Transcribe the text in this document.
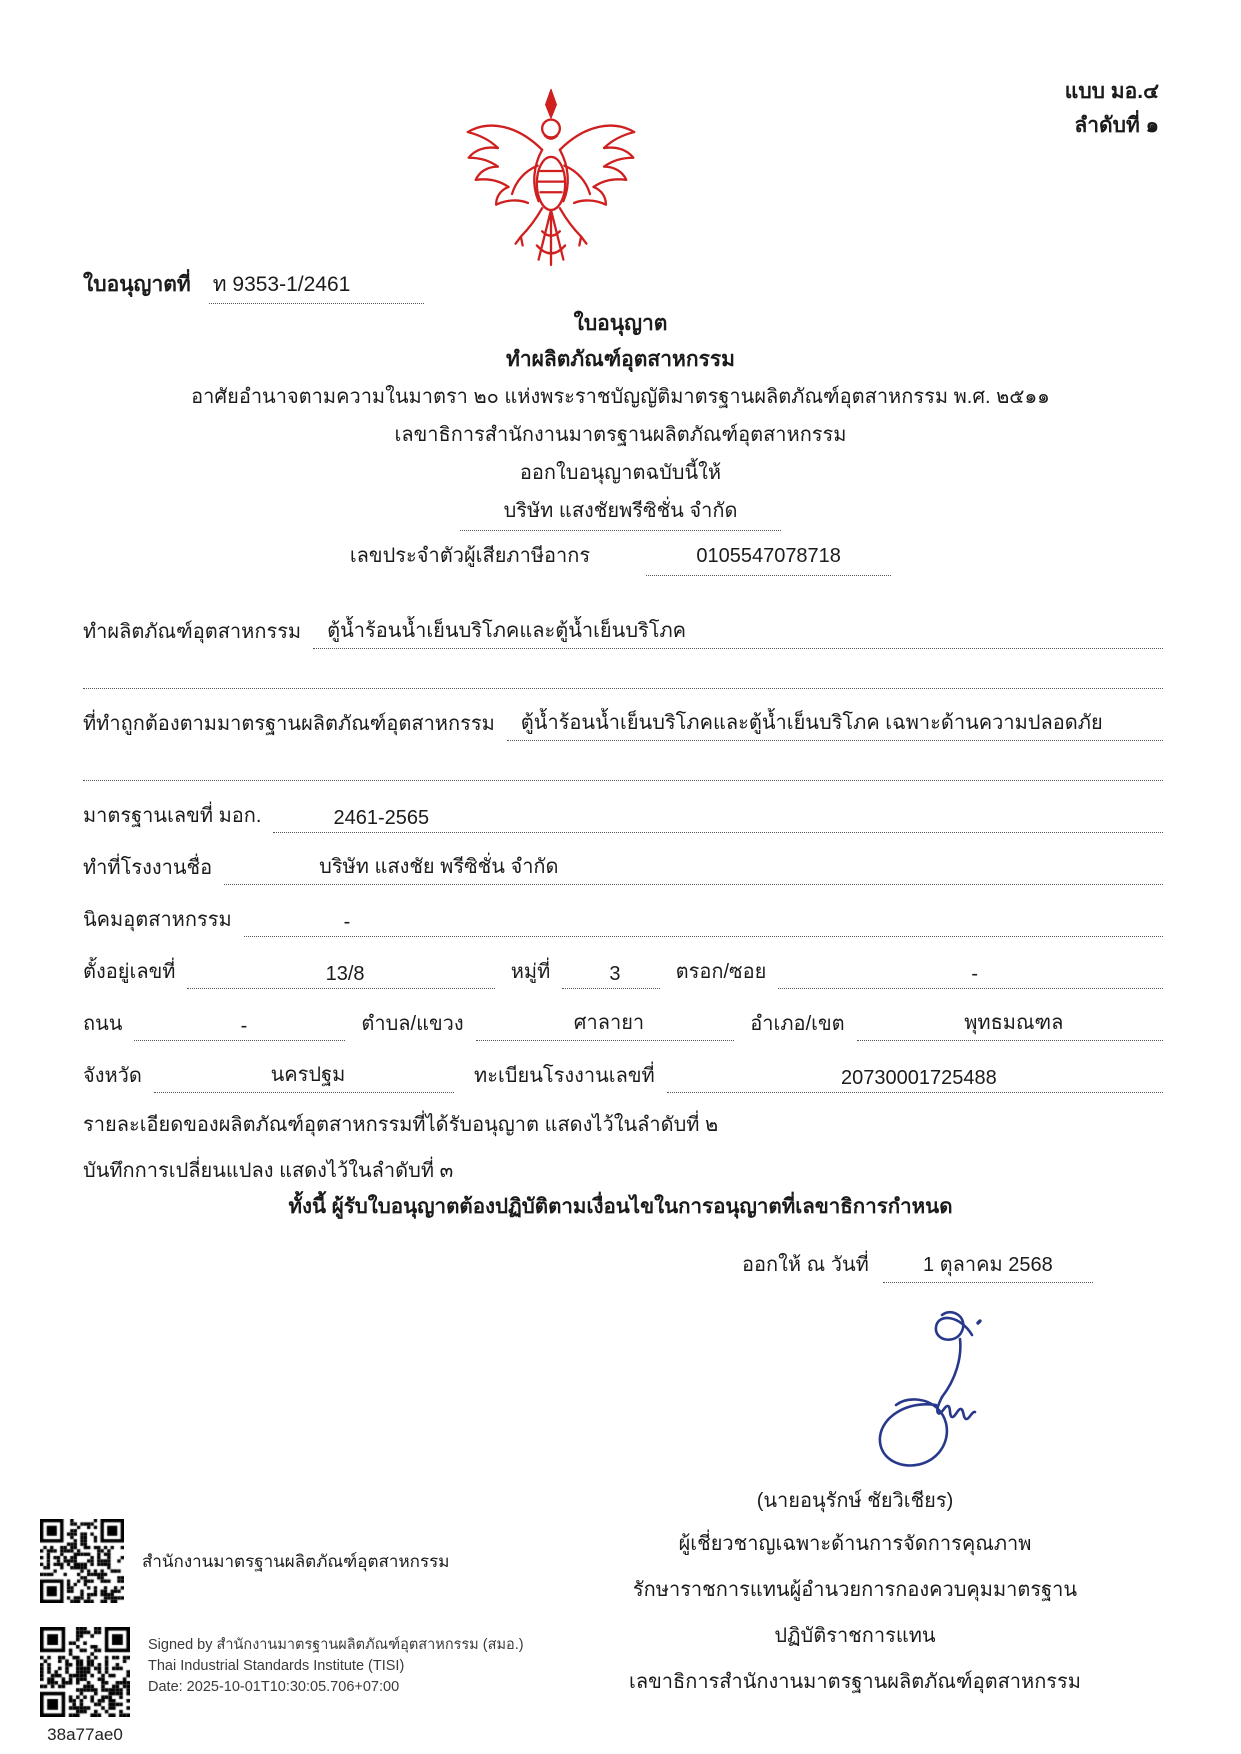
แบบ มอ.๔
ลำดับที่ ๑
ใบอนุญาตที่ ท 9353-1/2461
ใบอนุญาต
ทำผลิตภัณฑ์อุตสาหกรรม
อาศัยอำนาจตามความในมาตรา ๒๐ แห่งพระราชบัญญัติมาตรฐานผลิตภัณฑ์อุตสาหกรรม พ.ศ. ๒๕๑๑
เลขาธิการสำนักงานมาตรฐานผลิตภัณฑ์อุตสาหกรรม
ออกใบอนุญาตฉบับนี้ให้
บริษัท แสงชัยพรีซิชั่น จำกัด
เลขประจำตัวผู้เสียภาษีอากร	0105547078718
ทำผลิตภัณฑ์อุตสาหกรรม	ตู้น้ำร้อนน้ำเย็นบริโภคและตู้น้ำเย็นบริโภค
ที่ทำถูกต้องตามมาตรฐานผลิตภัณฑ์อุตสาหกรรม	ตู้น้ำร้อนน้ำเย็นบริโภคและตู้น้ำเย็นบริโภค เฉพาะด้านความปลอดภัย
มาตรฐานเลขที่ มอก.	2461-2565
ทำที่โรงงานชื่อ	บริษัท แสงชัย พรีซิชั่น จำกัด
นิคมอุตสาหกรรม	-
ตั้งอยู่เลขที่	13/8	หมู่ที่	3	ตรอก/ซอย	-
ถนน	-	ตำบล/แขวง	ศาลายา	อำเภอ/เขต	พุทธมณฑล
จังหวัด	นครปฐม	ทะเบียนโรงงานเลขที่	20730001725488
รายละเอียดของผลิตภัณฑ์อุตสาหกรรมที่ได้รับอนุญาต แสดงไว้ในลำดับที่ ๒
บันทึกการเปลี่ยนแปลง แสดงไว้ในลำดับที่ ๓
ทั้งนี้ ผู้รับใบอนุญาตต้องปฏิบัติตามเงื่อนไขในการอนุญาตที่เลขาธิการกำหนด
ออกให้ ณ วันที่	1 ตุลาคม 2568
(นายอนุรักษ์ ชัยวิเชียร)
ผู้เชี่ยวชาญเฉพาะด้านการจัดการคุณภาพ
รักษาราชการแทนผู้อำนวยการกองควบคุมมาตรฐาน
ปฏิบัติราชการแทน
เลขาธิการสำนักงานมาตรฐานผลิตภัณฑ์อุตสาหกรรม
สำนักงานมาตรฐานผลิตภัณฑ์อุตสาหกรรม
38a77ae0
Signed by สำนักงานมาตรฐานผลิตภัณฑ์อุตสาหกรรม (สมอ.)
Thai Industrial Standards Institute (TISI)
Date: 2025-10-01T10:30:05.706+07:00
